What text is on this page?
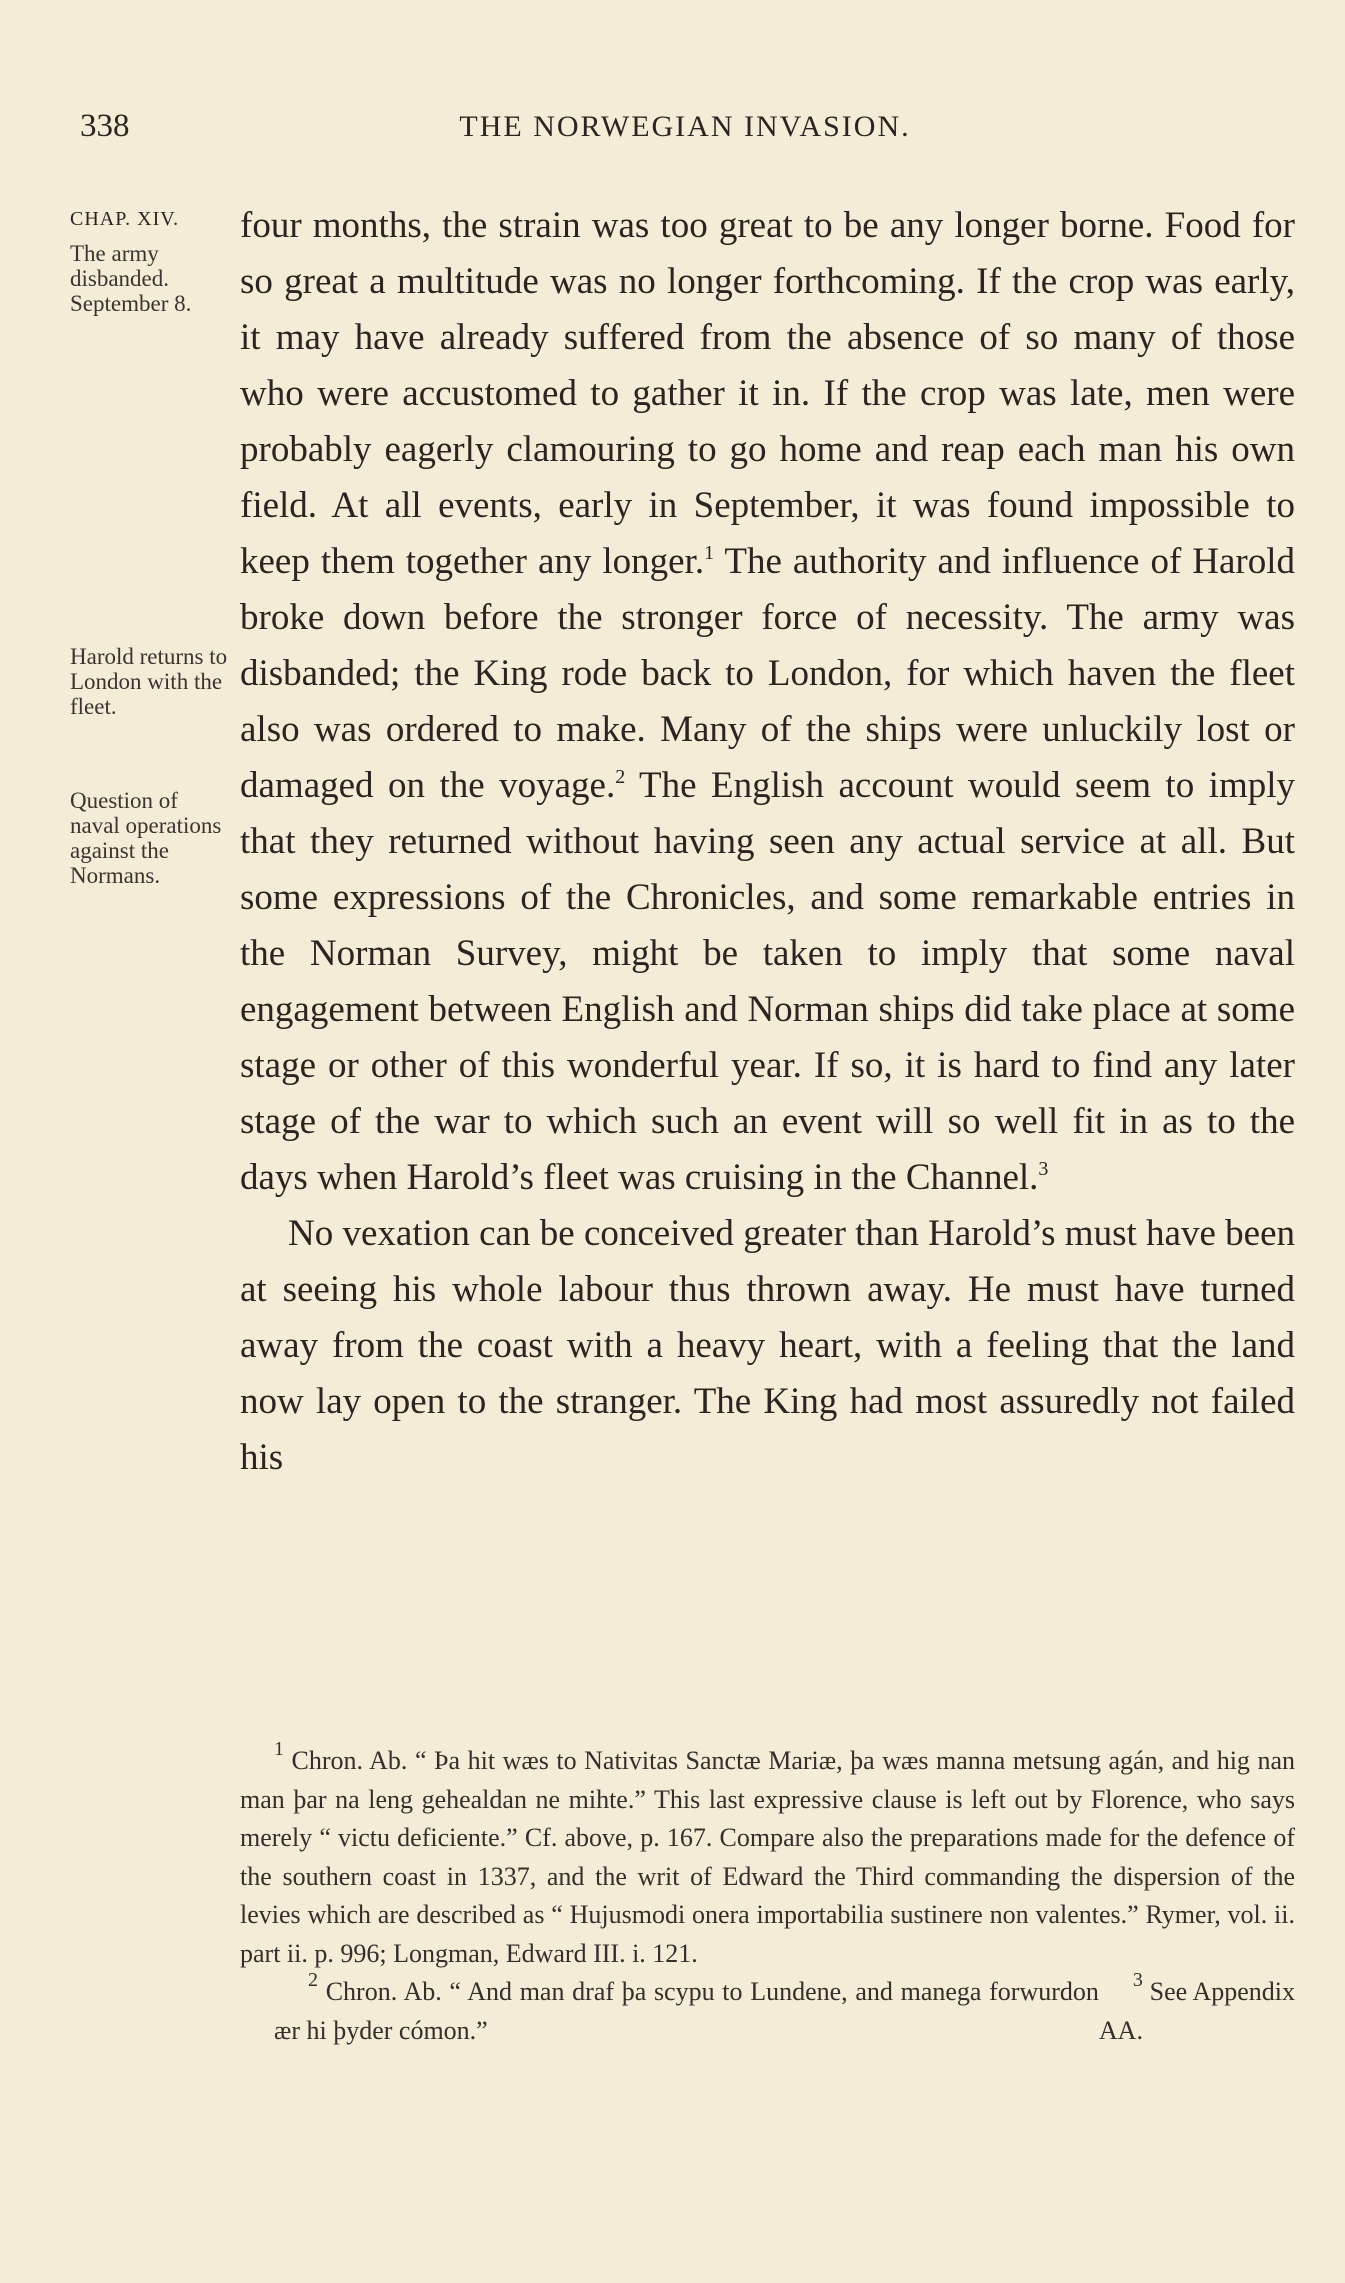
338	THE NORWEGIAN INVASION.
CHAP. XIV.
The army disbanded. September 8.
Harold returns to London with the fleet.
Question of naval operations against the Normans.

four months, the strain was too great to be any longer borne. Food for so great a multitude was no longer forthcoming. If the crop was early, it may have already suffered from the absence of so many of those who were accustomed to gather it in. If the crop was late, men were probably eagerly clamouring to go home and reap each man his own field. At all events, early in September, it was found impossible to keep them together any longer.$^1$ The authority and influence of Harold broke down before the stronger force of necessity. The army was disbanded; the King rode back to London, for which haven the fleet also was ordered to make. Many of the ships were unluckily lost or damaged on the voyage.$^2$ The English account would seem to imply that they returned without having seen any actual service at all. But some expressions of the Chronicles, and some remarkable entries in the Norman Survey, might be taken to imply that some naval engagement between English and Norman ships did take place at some stage or other of this wonderful year. If so, it is hard to find any later stage of the war to which such an event will so well fit in as to the days when Harold’s fleet was cruising in the Channel.$^3$

No vexation can be conceived greater than Harold’s must have been at seeing his whole labour thus thrown away. He must have turned away from the coast with a heavy heart, with a feeling that the land now lay open to the stranger. The King had most assuredly not failed his

$^1$ Chron. Ab. “ Þa hit wæs to Nativitas Sanctæ Mariæ, þa wæs manna metsung agán, and hig nan man þar na leng gehealdan ne mihte.” This last expressive clause is left out by Florence, who says merely “ victu deficiente.” Cf. above, p. 167. Compare also the preparations made for the defence of the southern coast in 1337, and the writ of Edward the Third commanding the dispersion of the levies which are described as “ Hujusmodi onera importabilia sustinere non valentes.” Rymer, vol. ii. part ii. p. 996; Longman, Edward III. i. 121.

$^2$ Chron. Ab. “ And man draf þa scypu to Lundene, and manega forwurdon ær hi þyder cómon.”
$^3$ See Appendix AA.
